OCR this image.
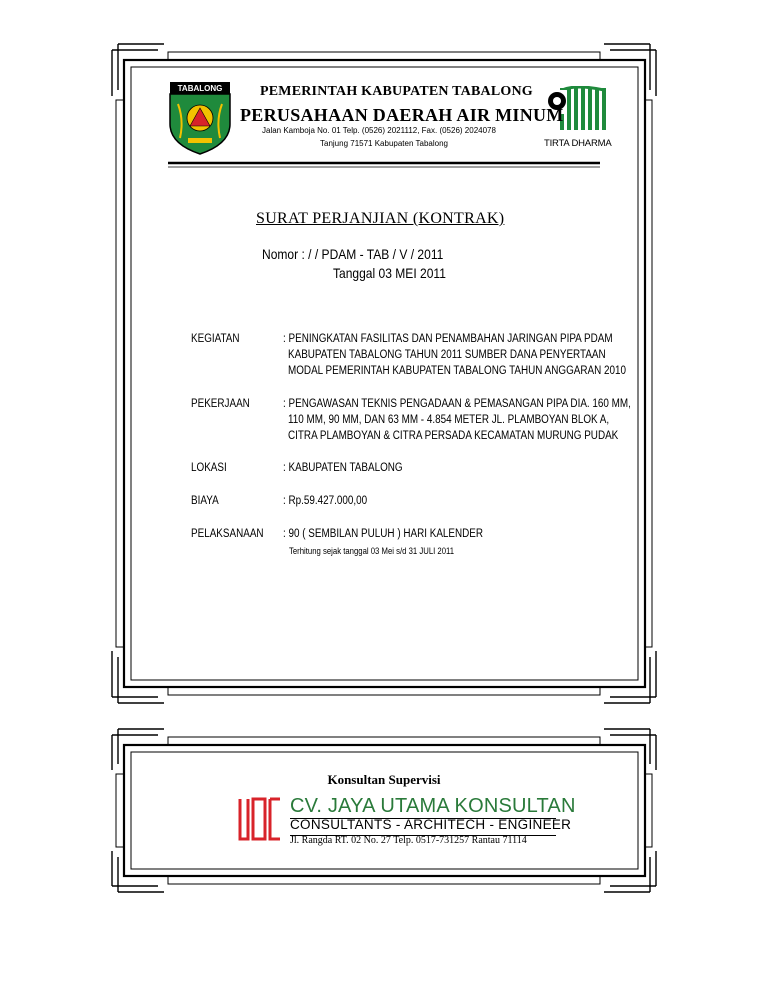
TABALONG
TIRTA DHARMA
PEMERINTAH KABUPATEN TABALONG
PERUSAHAAN DAERAH AIR MINUM
Jalan Kamboja No. 01 Telp. (0526) 2021112, Fax. (0526) 2024078
Tanjung 71571 Kabupaten Tabalong
SURAT PERJANJIAN (KONTRAK)
Nomor : / / PDAM - TAB / V / 2011
Tanggal 03 MEI 2011
KEGIATAN	: PENINGKATAN FASILITAS DAN PENAMBAHAN JARINGAN PIPA PDAM
KABUPATEN TABALONG TAHUN 2011 SUMBER DANA PENYERTAAN
MODAL PEMERINTAH KABUPATEN TABALONG TAHUN ANGGARAN 2010
PEKERJAAN	: PENGAWASAN TEKNIS PENGADAAN & PEMASANGAN PIPA DIA. 160 MM,
110 MM, 90 MM, DAN 63 MM - 4.854 METER JL. PLAMBOYAN BLOK A,
CITRA PLAMBOYAN & CITRA PERSADA KECAMATAN MURUNG PUDAK
LOKASI	: KABUPATEN TABALONG
BIAYA	: Rp.59.427.000,00
PELAKSANAAN : 90 ( SEMBILAN PULUH ) HARI KALENDER
Terhitung sejak tanggal 03 Mei s/d 31 JULI 2011
Konsultan Supervisi
CV. JAYA UTAMA KONSULTAN
CONSULTANTS - ARCHITECH - ENGINEER
Jl. Rangda RT. 02 No. 27 Telp. 0517-731257 Rantau 71114
